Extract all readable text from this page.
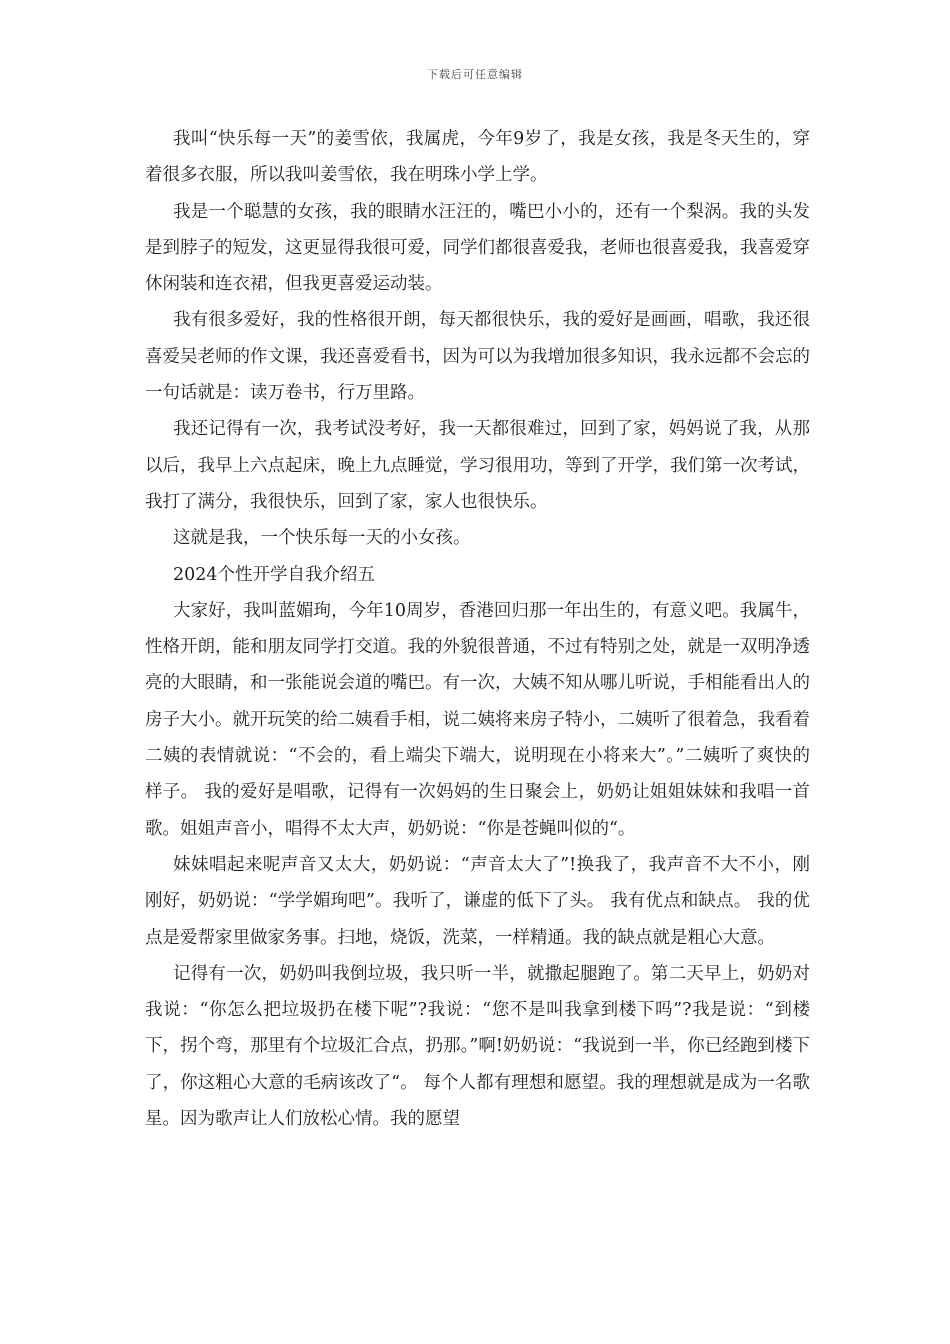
下载后可任意编辑

我叫“快乐每一天”的姜雪依，我属虎，今年9岁了，我是女孩，我是冬天生的，穿着很多衣服，所以我叫姜雪依，我在明珠小学上学。

我是一个聪慧的女孩，我的眼睛水汪汪的，嘴巴小小的，还有一个梨涡。我的头发是到脖子的短发，这更显得我很可爱，同学们都很喜爱我，老师也很喜爱我，我喜爱穿休闲装和连衣裙，但我更喜爱运动装。

我有很多爱好，我的性格很开朗，每天都很快乐，我的爱好是画画，唱歌，我还很喜爱吴老师的作文课，我还喜爱看书，因为可以为我增加很多知识，我永远都不会忘的一句话就是：读万卷书，行万里路。

我还记得有一次，我考试没考好，我一天都很难过，回到了家，妈妈说了我，从那以后，我早上六点起床，晚上九点睡觉，学习很用功，等到了开学，我们第一次考试，我打了满分，我很快乐，回到了家，家人也很快乐。

这就是我，一个快乐每一天的小女孩。

2024个性开学自我介绍五

大家好，我叫蓝媚珣，今年10周岁，香港回归那一年出生的，有意义吧。我属牛，性格开朗，能和朋友同学打交道。我的外貌很普通，不过有特别之处，就是一双明净透亮的大眼睛，和一张能说会道的嘴巴。有一次，大姨不知从哪儿听说，手相能看出人的房子大小。就开玩笑的给二姨看手相，说二姨将来房子特小，二姨听了很着急，我看着二姨的表情就说：“不会的，看上端尖下端大，说明现在小将来大”。”二姨听了爽快的样子。 我的爱好是唱歌，记得有一次妈妈的生日聚会上，奶奶让姐姐妹妹和我唱一首歌。姐姐声音小，唱得不太大声，奶奶说：“你是苍蝇叫似的“。

妹妹唱起来呢声音又太大，奶奶说：“声音太大了”!换我了，我声音不大不小，刚刚好，奶奶说：“学学媚珣吧”。我听了，谦虚的低下了头。 我有优点和缺点。 我的优点是爱帮家里做家务事。扫地，烧饭，洗菜，一样精通。我的缺点就是粗心大意。

记得有一次，奶奶叫我倒垃圾，我只听一半，就撒起腿跑了。第二天早上，奶奶对我说：“你怎么把垃圾扔在楼下呢”?我说：“您不是叫我拿到楼下吗”?我是说：“到楼下，拐个弯，那里有个垃圾汇合点，扔那。”啊!奶奶说：“我说到一半，你已经跑到楼下了，你这粗心大意的毛病该改了“。 每个人都有理想和愿望。我的理想就是成为一名歌星。因为歌声让人们放松心情。我的愿望
